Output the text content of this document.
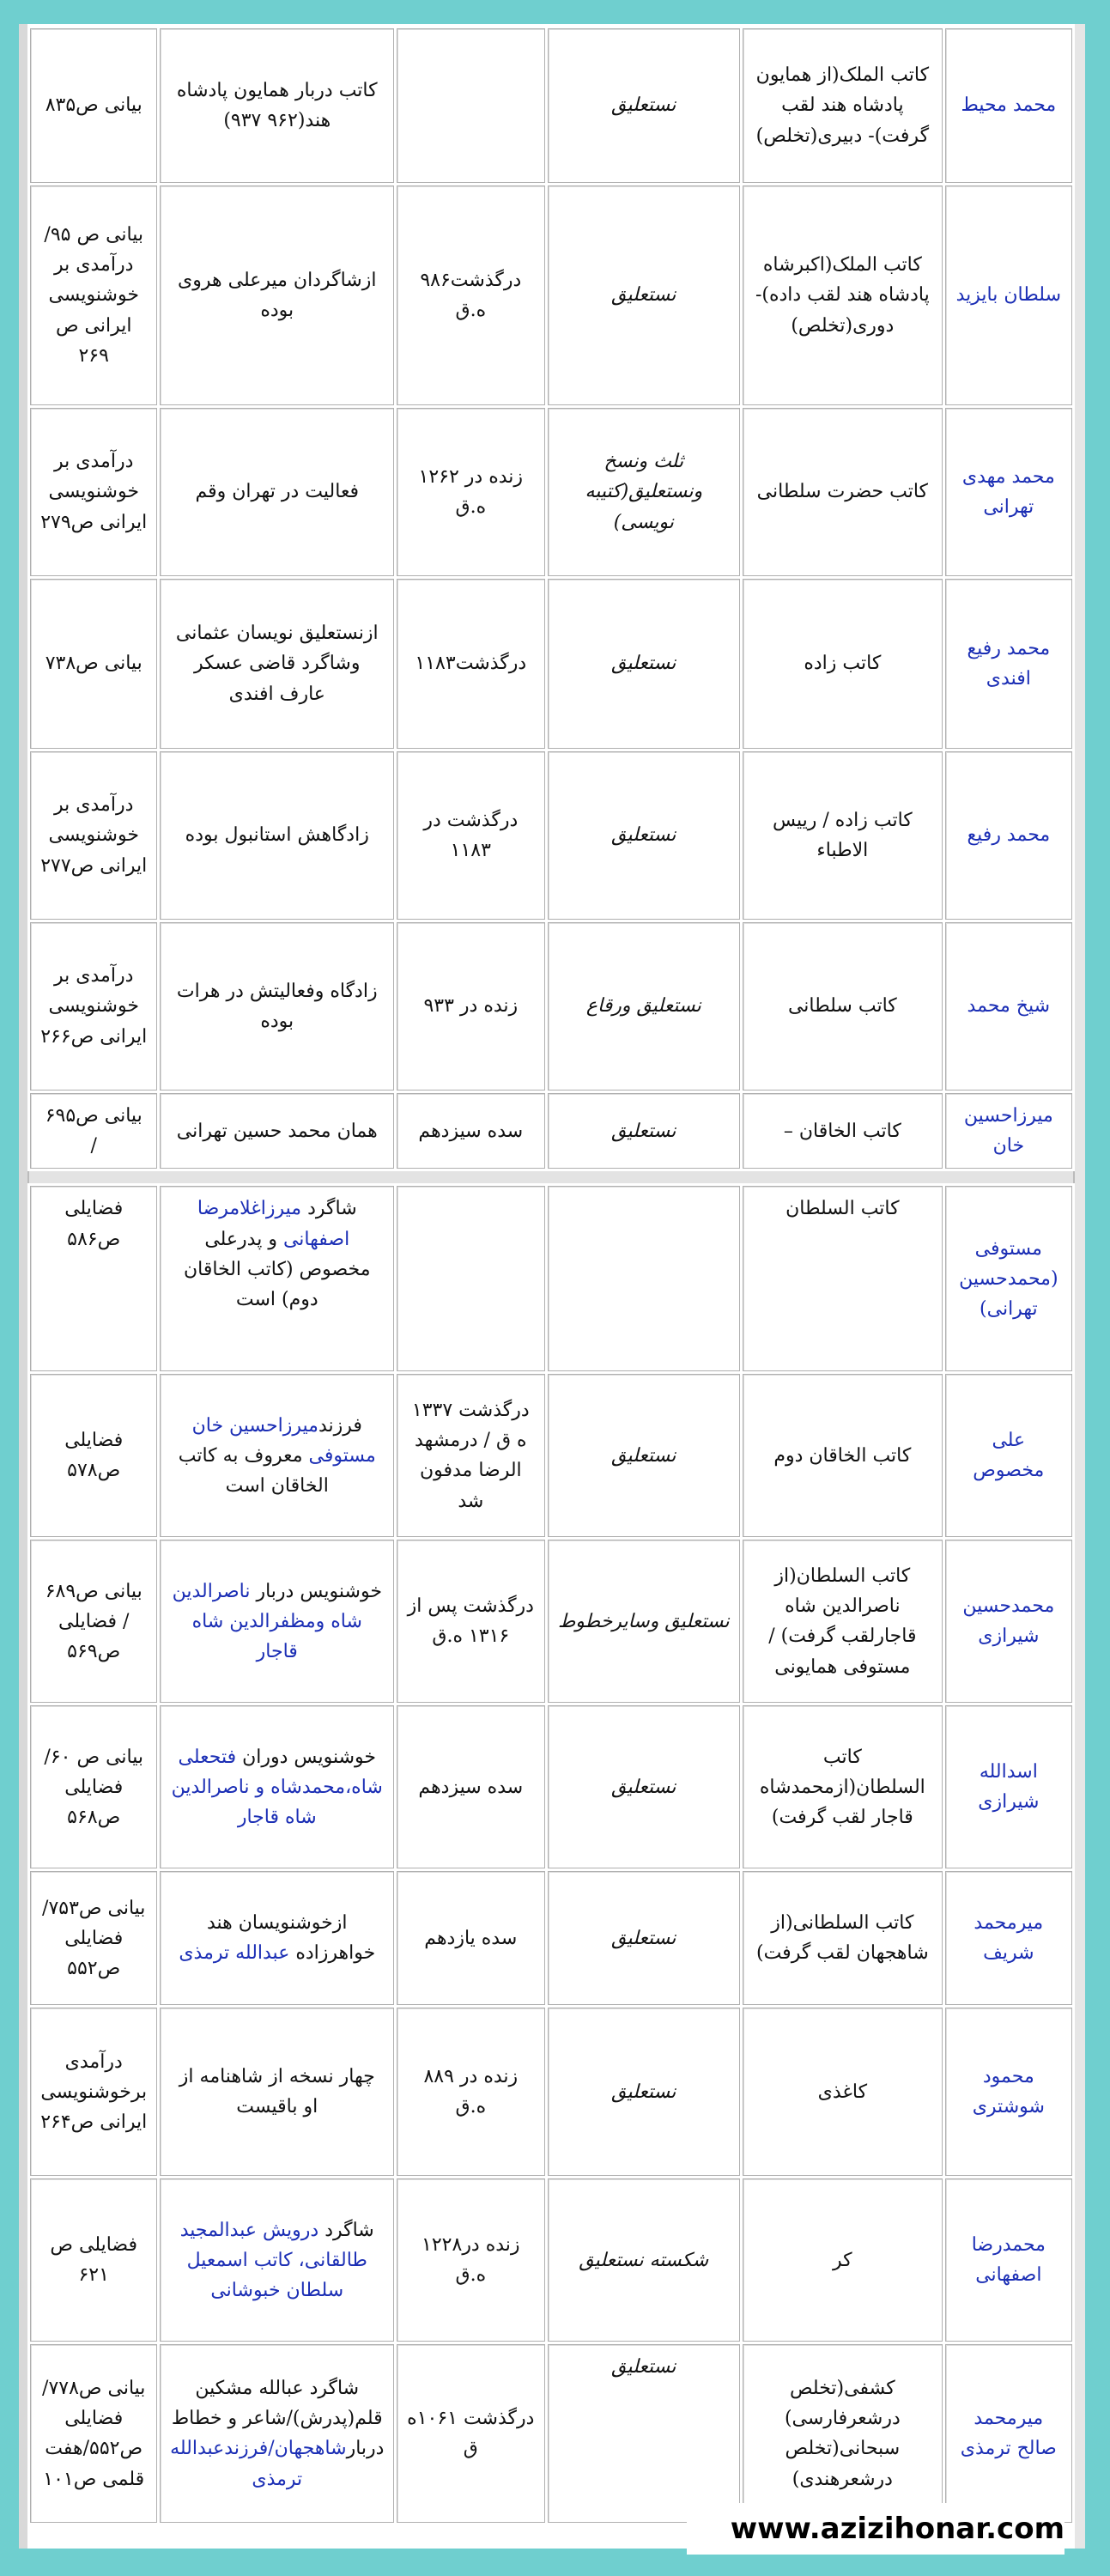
محمد محیط	کاتب الملک(از همایون پادشاه هند لقب گرفت)- دبیری(تخلص)	نستعلیق		کاتب دربار همایون پادشاه هند(۹۶۲ ۹۳۷)	بیانی ص۸۳۵
سلطان بایزید	کاتب الملک(اکبرشاه پادشاه هند لقب داده)- دوری(تخلص)	نستعلیق	درگذشت۹۸۶ ه.ق	ازشاگردان میرعلی هروی بوده	بیانی ص ۹۵/ درآمدی بر خوشنویسی ایرانی ص ۲۶۹
محمد مهدی تهرانی	کاتب حضرت سلطانی	ثلث ونسخ ونستعلیق(کتیبه نویسی)	زنده در ۱۲۶۲ ه.ق	فعالیت در تهران وقم	درآمدی بر خوشنویسی ایرانی ص۲۷۹
محمد رفیع افندی	کاتب زاده	نستعلیق	درگذشت۱۱۸۳	ازنستعلیق نویسان عثمانی وشاگرد قاضی عسکر عارف افندی	بیانی ص۷۳۸
محمد رفیع	کاتب زاده / رییس الاطباء	نستعلیق	درگذشت در ۱۱۸۳	زادگاهش استانبول بوده	درآمدی بر خوشنویسی ایرانی ص۲۷۷
شیخ محمد	کاتب سلطانی	نستعلیق ورقاع	زنده در ۹۳۳	زادگاه وفعالیتش در هرات بوده	درآمدی بر خوشنویسی ایرانی ص۲۶۶
میرزاحسین خان	کاتب الخاقان –	نستعلیق	سده سیزدهم	همان محمد حسین تهرانی	بیانی ص۶۹۵ /
مستوفی (محمدحسین تهرانی)	کاتب السلطان			شاگرد میرزاغلامرضا اصفهانی و پدرعلی مخصوص (کاتب الخاقان دوم) است	فضایلی ص۵۸۶
علی مخصوص	کاتب الخاقان دوم	نستعلیق	درگذشت ۱۳۳۷ ه ق / درمشهد الرضا مدفون شد	فرزندمیرزاحسین خان مستوفی معروف به کاتب الخاقان است	فضایلی ص۵۷۸
محمدحسین شیرازی	کاتب السلطان(از ناصرالدین شاه قاجارلقب گرفت) / مستوفی همایونی	نستعلیق وسایرخطوط	درگذشت پس از ۱۳۱۶ ه.ق	خوشنویس دربار ناصرالدین شاه ومظفرالدین شاه قاجار	بیانی ص۶۸۹ / فضایلی ص۵۶۹
اسدالله شیرازی	کاتب السلطان(ازمحمدشاه قاجار لقب گرفت)	نستعلیق	سده سیزدهم	خوشنویس دوران فتحعلی شاه،محمدشاه و ناصرالدین شاه قاجار	بیانی ص ۶۰/ فضایلی ص۵۶۸
میرمحمد شریف	کاتب السلطانی(از شاهجهان لقب گرفت)	نستعلیق	سده یازدهم	ازخوشنویسان هند خواهرزاده عبدالله ترمذی	بیانی ص۷۵۳/ فضایلی ص۵۵۲
محمود شوشتری	کاغذی	نستعلیق	زنده در ۸۸۹ ه.ق	چهار نسخه از شاهنامه از او باقیست	درآمدی برخوشنویسی ایرانی ص۲۶۴
محمدرضا اصفهانی	کر	شکسته نستعلیق	زنده در۱۲۲۸ ه.ق	شاگرد درویش عبدالمجید طالقانی، کاتب اسمعیل سلطان خبوشانی	فضایلی ص ۶۲۱
میرمحمد صالح ترمذی	کشفی(تخلص درشعرفارسی) سبحانی(تخلص درشعرهندی)	نستعلیق	درگذشت ۱۰۶۱ه ق	شاگرد عبالله مشکین قلم(پدرش)/شاعر و خطاط دربارشاهجهان/فرزندعبدالله ترمذی	بیانی ص۷۷۸/فضایلی ص۵۵۲/هفت قلمی ص۱۰۱
www.azizihonar.com
